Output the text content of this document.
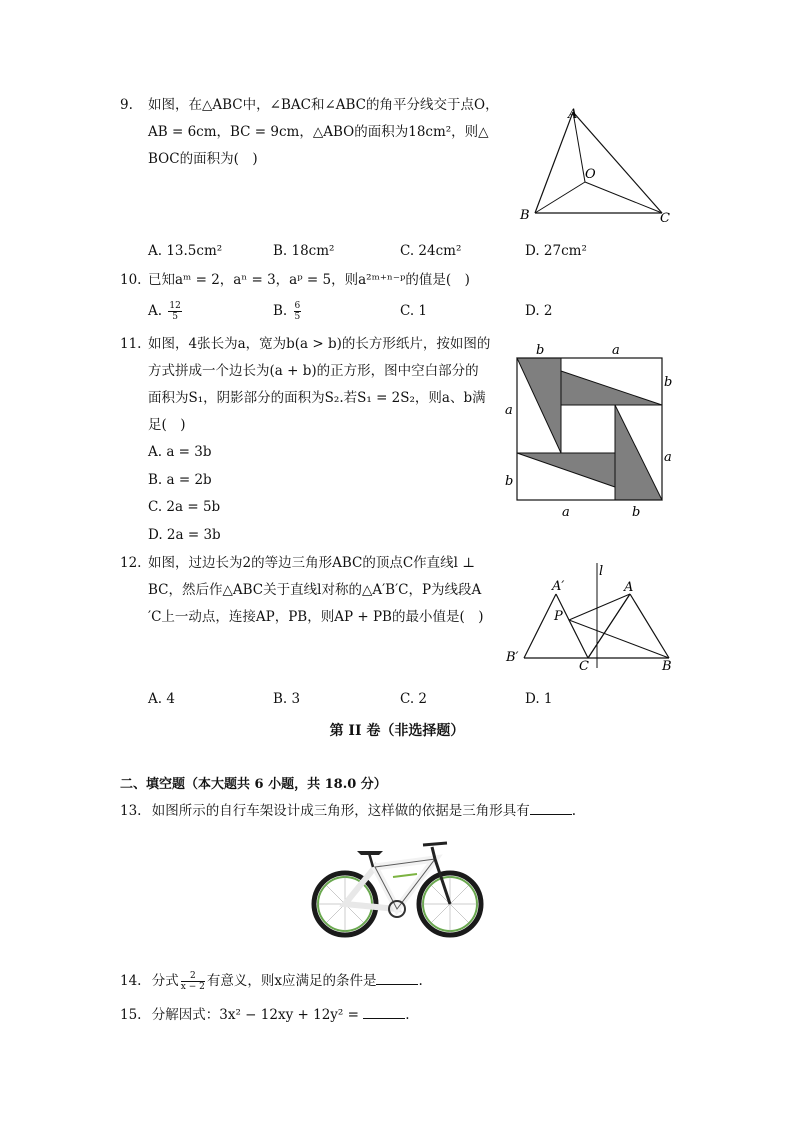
9. 如图，在△ABC中，∠BAC和∠ABC的角平分线交于点O，
AB = 6cm，BC = 9cm，△ABO的面积为18cm²，则△
BOC的面积为(　)
A
O
B	C
A. 13.5cm²	B. 18cm²	C. 24cm²	D. 27cm²
10. 已知aᵐ = 2，aⁿ = 3，aᵖ = 5，则a²ᵐ⁺ⁿ⁻ᵖ的值是(　)
A. $\frac{12}{5}$	B. $\frac{6}{5}$	C. 1	D. 2
11. 如图，4张长为a，宽为b(a > b)的长方形纸片，按如图的
方式拼成一个边长为(a + b)的正方形，图中空白部分的
面积为S₁，阴影部分的面积为S₂.若S₁ = 2S₂，则a、b满
足(　)
A. a = 3b
B. a = 2b
C. 2a = 5b
D. 2a = 3b
b	a
b
a
a
b
a	b
12. 如图，过边长为2的等边三角形ABC的顶点C作直线l ⊥
BC，然后作△ABC关于直线l对称的△A′B′C，P为线段A
′C上一动点，连接AP，PB，则AP + PB的最小值是(　)
A′
l
A
P
B′
C	B
A. 4	B. 3	C. 2	D. 1
第 II 卷（非选择题）
二、填空题（本大题共 6 小题，共 18.0 分）
13. 如图所示的自行车架设计成三角形，这样做的依据是三角形具有	.
14. 分式 $\frac{2}{x - 2}$ 有意义，则x应满足的条件是	.
15. 分解因式：3x² − 12xy + 12y² =	.
